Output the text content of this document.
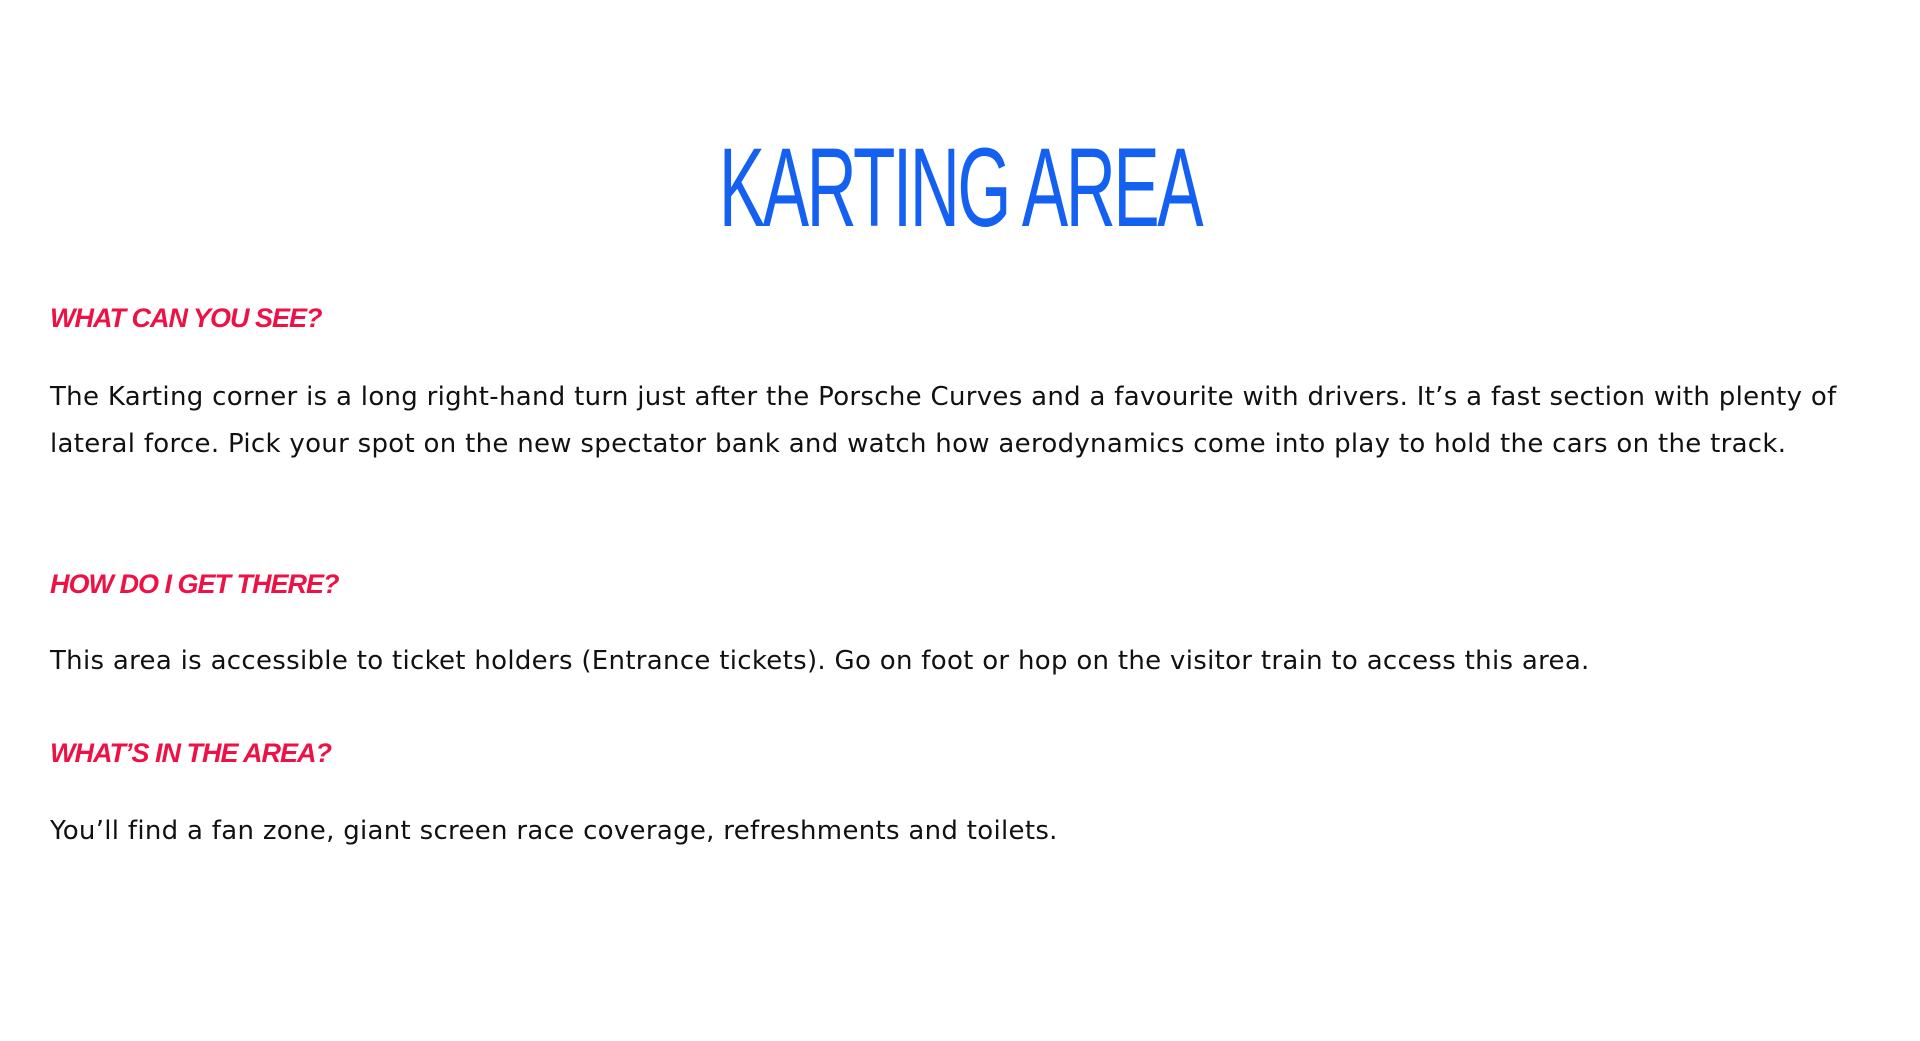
KARTING AREA
WHAT CAN YOU SEE?

The Karting corner is a long right-hand turn just after the Porsche Curves and a favourite with drivers. It’s a fast section with plenty of lateral force. Pick your spot on the new spectator bank and watch how aerodynamics come into play to hold the cars on the track.

HOW DO I GET THERE?

This area is accessible to ticket holders (Entrance tickets). Go on foot or hop on the visitor train to access this area.

WHAT’S IN THE AREA?

You’ll find a fan zone, giant screen race coverage, refreshments and toilets.
